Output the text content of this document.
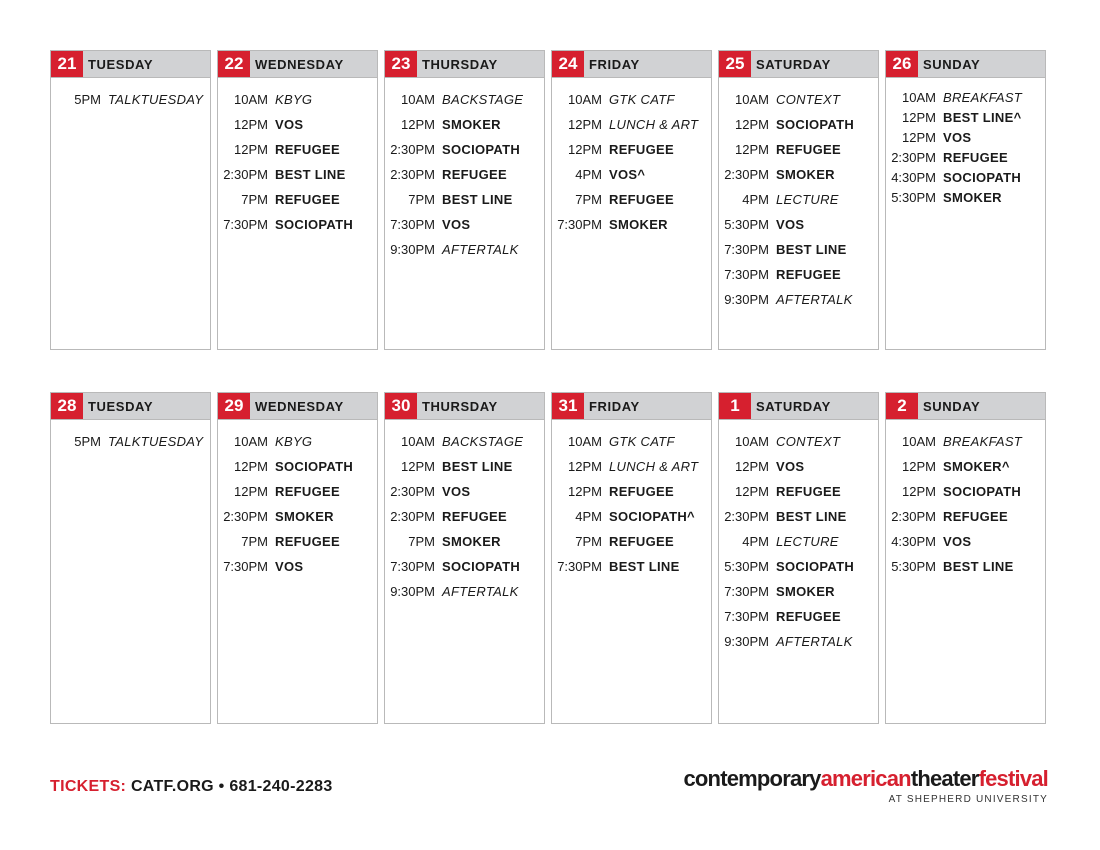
21 TUESDAY
5PM TALKTUESDAY
22 WEDNESDAY
10AM KBYG
12PM VOS
12PM REFUGEE
2:30PM BEST LINE
7PM REFUGEE
7:30PM SOCIOPATH
23 THURSDAY
10AM BACKSTAGE
12PM SMOKER
2:30PM SOCIOPATH
2:30PM REFUGEE
7PM BEST LINE
7:30PM VOS
9:30PM AFTERTALK
24 FRIDAY
10AM GTK CATF
12PM LUNCH & ART
12PM REFUGEE
4PM VOS^
7PM REFUGEE
7:30PM SMOKER
25 SATURDAY
10AM CONTEXT
12PM SOCIOPATH
12PM REFUGEE
2:30PM SMOKER
4PM LECTURE
5:30PM VOS
7:30PM BEST LINE
7:30PM REFUGEE
9:30PM AFTERTALK
26 SUNDAY
10AM BREAKFAST
12PM BEST LINE^
12PM VOS
2:30PM REFUGEE
4:30PM SOCIOPATH
5:30PM SMOKER
28 TUESDAY
5PM TALKTUESDAY
29 WEDNESDAY
10AM KBYG
12PM SOCIOPATH
12PM REFUGEE
2:30PM SMOKER
7PM REFUGEE
7:30PM VOS
30 THURSDAY
10AM BACKSTAGE
12PM BEST LINE
2:30PM VOS
2:30PM REFUGEE
7PM SMOKER
7:30PM SOCIOPATH
9:30PM AFTERTALK
31 FRIDAY
10AM GTK CATF
12PM LUNCH & ART
12PM REFUGEE
4PM SOCIOPATH^
7PM REFUGEE
7:30PM BEST LINE
1	SATURDAY
10AM CONTEXT
12PM VOS
12PM REFUGEE
2:30PM BEST LINE
4PM LECTURE
5:30PM SOCIOPATH
7:30PM SMOKER
7:30PM REFUGEE
9:30PM AFTERTALK
2	SUNDAY
10AM BREAKFAST
12PM SMOKER^
12PM SOCIOPATH
2:30PM REFUGEE
4:30PM VOS
5:30PM BEST LINE
TICKETS: CATF.ORG • 681-240-2283	contemporaryamericantheaterfestival
AT SHEPHERD UNIVERSITY
